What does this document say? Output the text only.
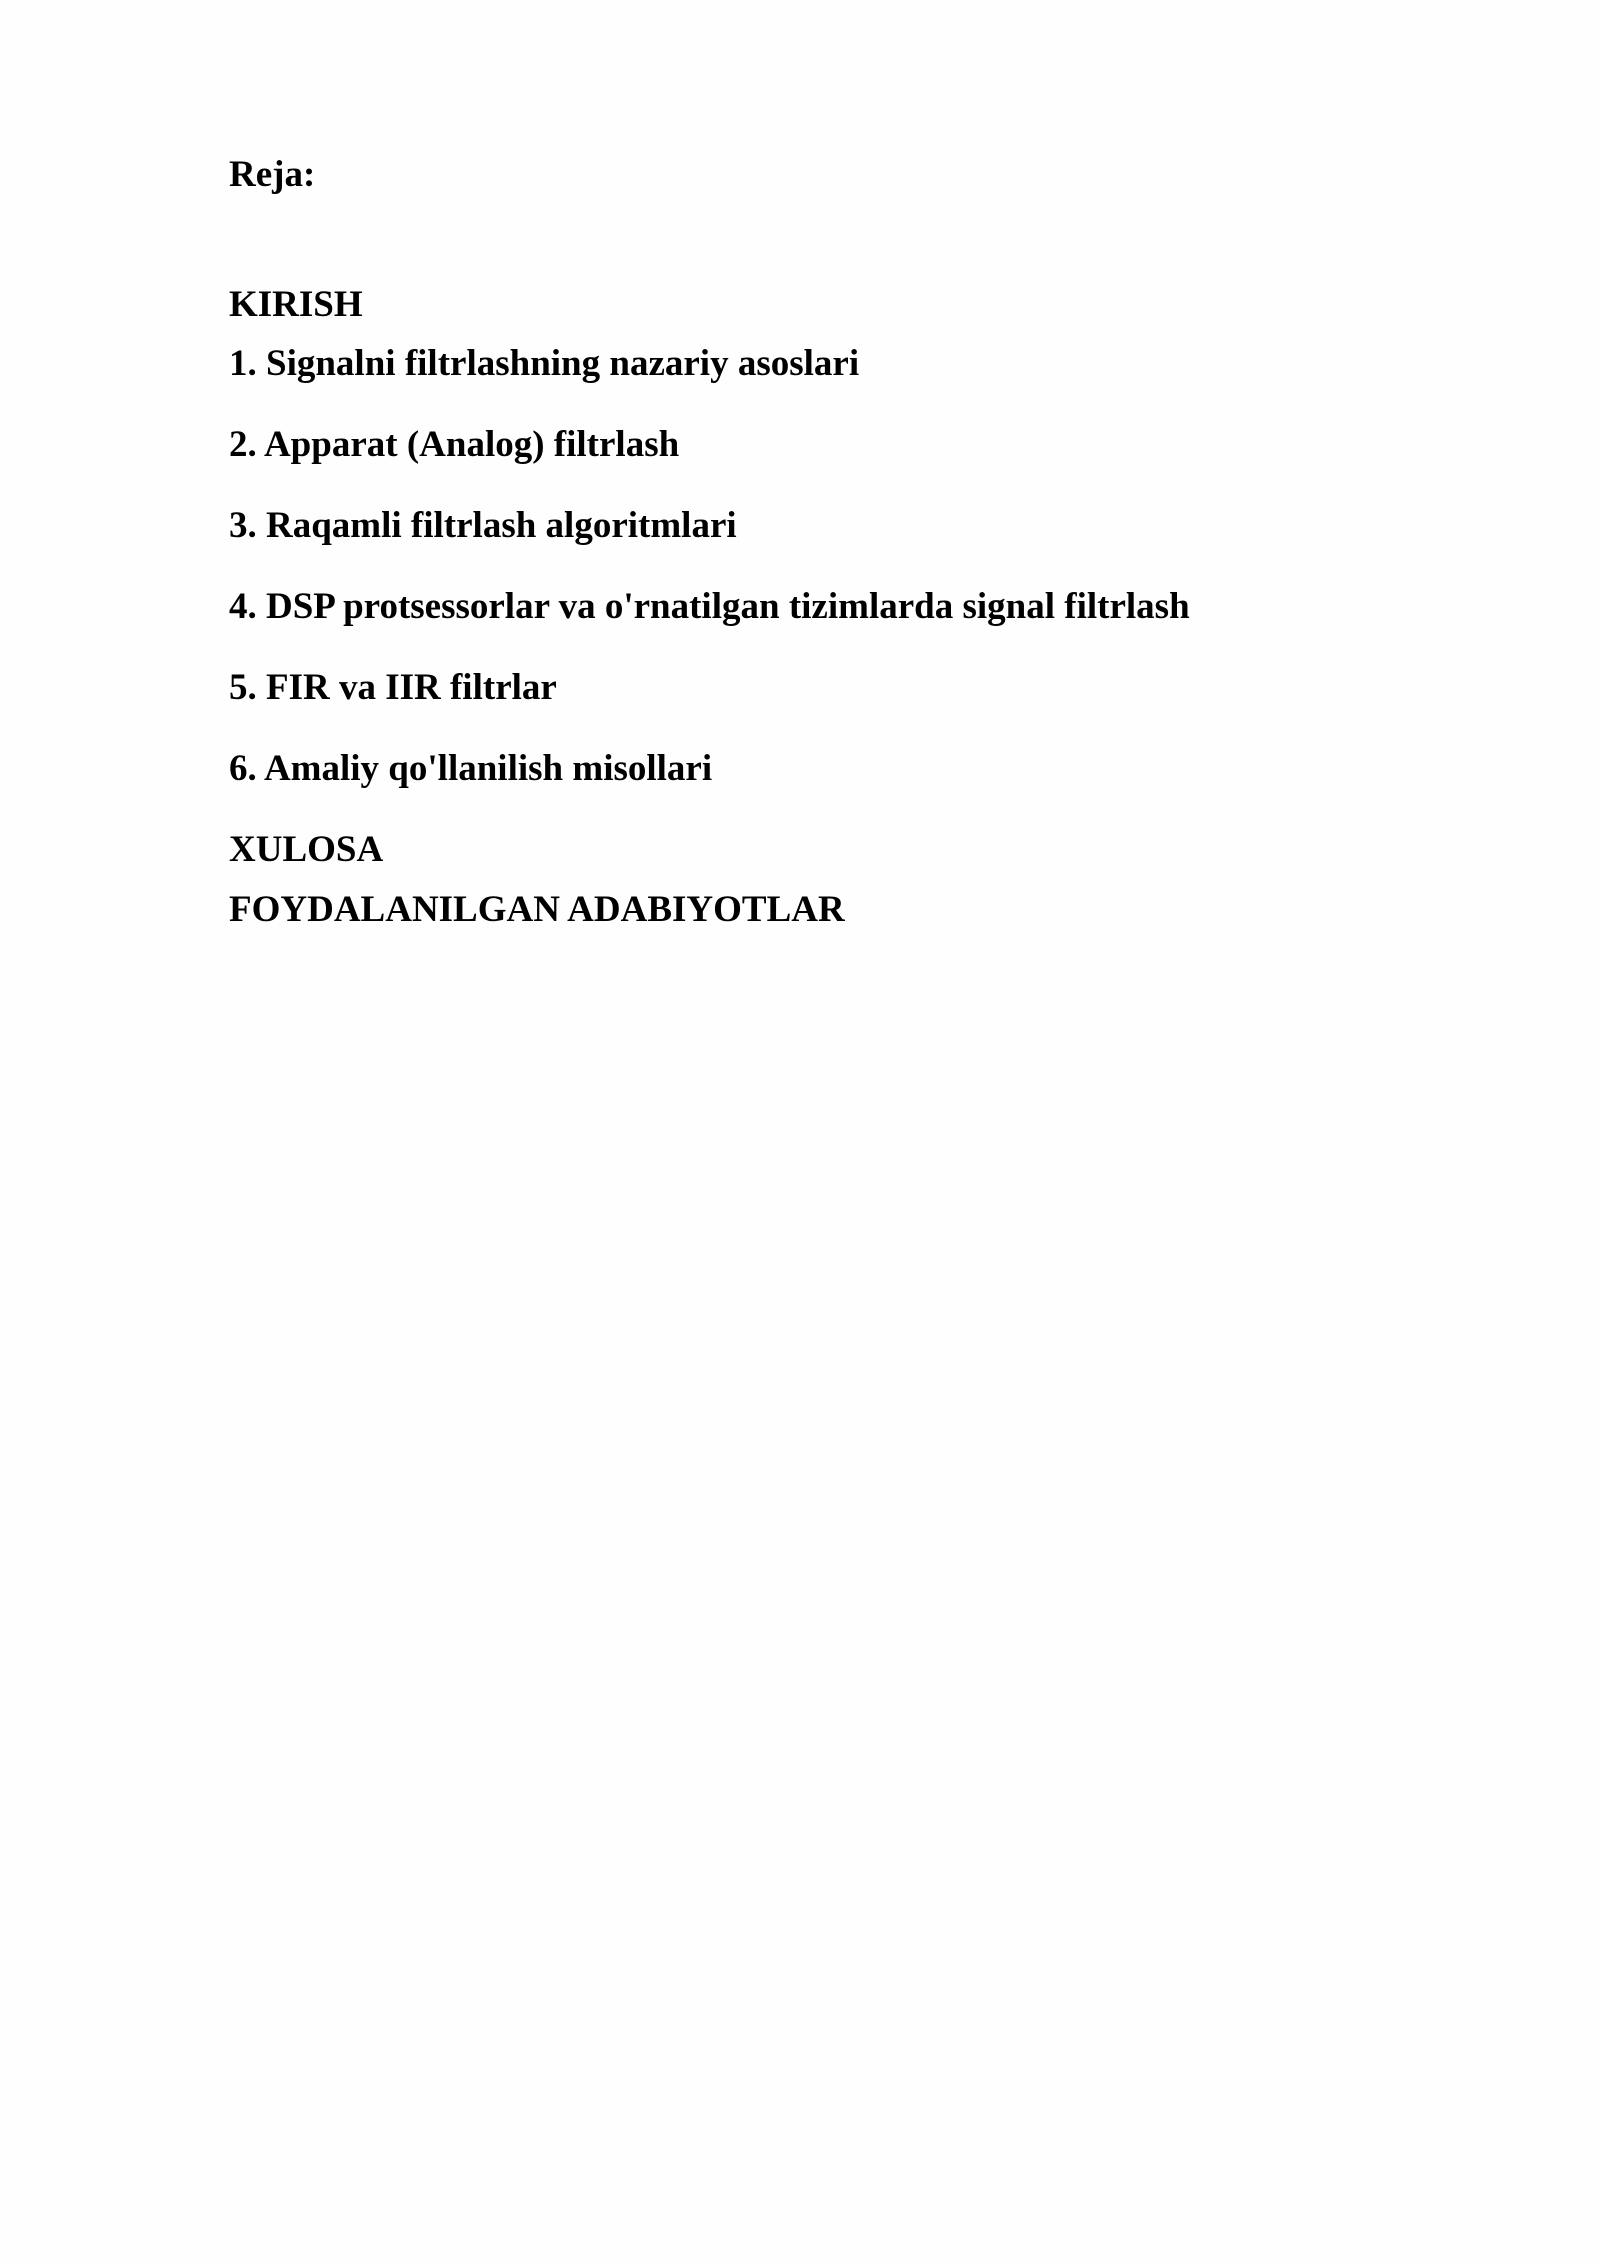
Reja:

KIRISH

1. Signalni filtrlashning nazariy asoslari

2. Apparat (Analog) filtrlash

3. Raqamli filtrlash algoritmlari

4. DSP protsessorlar va o'rnatilgan tizimlarda signal filtrlash

5. FIR va IIR filtrlar

6. Amaliy qo'llanilish misollari

XULOSA

FOYDALANILGAN ADABIYOTLAR
